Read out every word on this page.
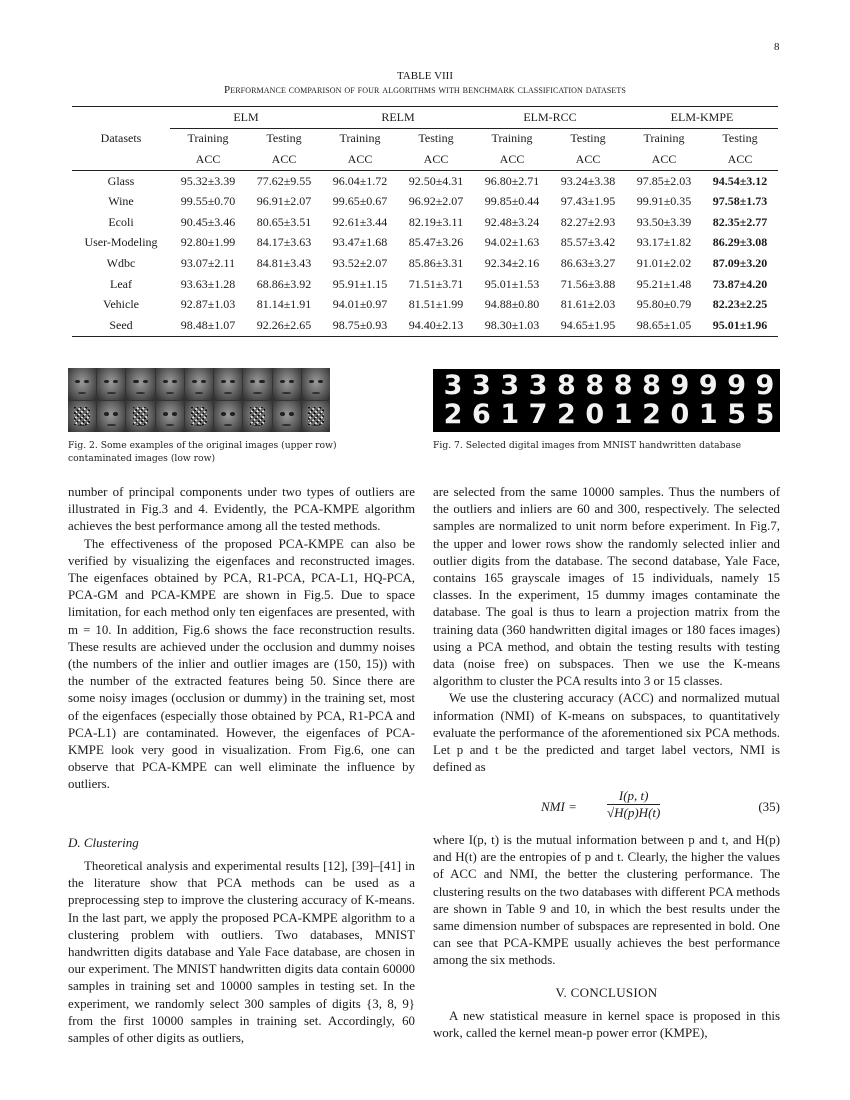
8
TABLE VIII
Performance comparison of four algorithms with benchmark classification datasets
Datasets	ELM		RELM		ELM-RCC		ELM-KMPE	
	Training	Testing	Training	Testing	Training	Testing	Training	Testing
	ACC	ACC	ACC	ACC	ACC	ACC	ACC	ACC
Glass	95.32±3.39	77.62±9.55	96.04±1.72	92.50±4.31	96.80±2.71	93.24±3.38	97.85±2.03	94.54±3.12
Wine	99.55±0.70	96.91±2.07	99.65±0.67	96.92±2.07	99.85±0.44	97.43±1.95	99.91±0.35	97.58±1.73
Ecoli	90.45±3.46	80.65±3.51	92.61±3.44	82.19±3.11	92.48±3.24	82.27±2.93	93.50±3.39	82.35±2.77
User-Modeling	92.80±1.99	84.17±3.63	93.47±1.68	85.47±3.26	94.02±1.63	85.57±3.42	93.17±1.82	86.29±3.08
Wdbc	93.07±2.11	84.81±3.43	93.52±2.07	85.86±3.31	92.34±2.16	86.63±3.27	91.01±2.02	87.09±3.20
Leaf	93.63±1.28	68.86±3.92	95.91±1.15	71.51±3.71	95.01±1.53	71.56±3.88	95.21±1.48	73.87±4.20
Vehicle	92.87±1.03	81.14±1.91	94.01±0.97	81.51±1.99	94.88±0.80	81.61±2.03	95.80±0.79	82.23±2.25
Seed	98.48±1.07	92.26±2.65	98.75±0.93	94.40±2.13	98.30±1.03	94.65±1.95	98.65±1.05	95.01±1.96
Fig. 2. Some examples of the original images (upper row)
contaminated images (low row)
3 3 3 3 8 8 8 8 9 9 9 9
2 6 1 7 2 0 1 2 0 1 5 5
Fig. 7. Selected digital images from MNIST handwritten database

number of principal components under two types of outliers are illustrated in Fig.3 and 4. Evidently, the PCA-KMPE algorithm achieves the best performance among all the tested methods.

The effectiveness of the proposed PCA-KMPE can also be verified by visualizing the eigenfaces and reconstructed images. The eigenfaces obtained by PCA, R1-PCA, PCA-L1, HQ-PCA, PCA-GM and PCA-KMPE are shown in Fig.5. Due to space limitation, for each method only ten eigenfaces are presented, with m = 10. In addition, Fig.6 shows the face reconstruction results. These results are achieved under the occlusion and dummy noises (the numbers of the inlier and outlier images are (150, 15)) with the number of the extracted features being 50. Since there are some noisy images (occlusion or dummy) in the training set, most of the eigenfaces (especially those obtained by PCA, R1-PCA and PCA-L1) are contaminated. However, the eigenfaces of PCA-KMPE look very good in visualization. From Fig.6, one can observe that PCA-KMPE can well eliminate the influence by outliers.

D. Clustering

Theoretical analysis and experimental results [12], [39]–[41] in the literature show that PCA methods can be used as a preprocessing step to improve the clustering accuracy of K-means. In the last part, we apply the proposed PCA-KMPE algorithm to a clustering problem with outliers. Two databases, MNIST handwritten digits database and Yale Face database, are chosen in our experiment. The MNIST handwritten digits data contain 60000 samples in training set and 10000 samples in testing set. In the experiment, we randomly select 300 samples of digits {3, 8, 9} from the first 10000 samples in training set. Accordingly, 60 samples of other digits as outliers,

are selected from the same 10000 samples. Thus the numbers of the outliers and inliers are 60 and 300, respectively. The selected samples are normalized to unit norm before experiment. In Fig.7, the upper and lower rows show the randomly selected inlier and outlier digits from the database. The second database, Yale Face, contains 165 grayscale images of 15 individuals, namely 15 classes. In the experiment, 15 dummy images contaminate the database. The goal is thus to learn a projection matrix from the training data (360 handwritten digital images or 180 faces images) using a PCA method, and obtain the testing results with testing data (noise free) on subspaces. Then we use the K-means algorithm to cluster the PCA results into 3 or 15 classes.

We use the clustering accuracy (ACC) and normalized mutual information (NMI) of K-means on subspaces, to quantitatively evaluate the performance of the aforementioned six PCA methods. Let p and t be the predicted and target label vectors, NMI is defined as

NMI = $\frac{I(p, t)}{√H(p)H(t)}$	(35)

where I(p, t) is the mutual information between p and t, and H(p) and H(t) are the entropies of p and t. Clearly, the higher the values of ACC and NMI, the better the clustering performance. The clustering results on the two databases with different PCA methods are shown in Table 9 and 10, in which the best results under the same dimension number of subspaces are represented in bold. One can see that PCA-KMPE usually achieves the best performance among the six methods.

V. CONCLUSION

A new statistical measure in kernel space is proposed in this work, called the kernel mean-p power error (KMPE),
